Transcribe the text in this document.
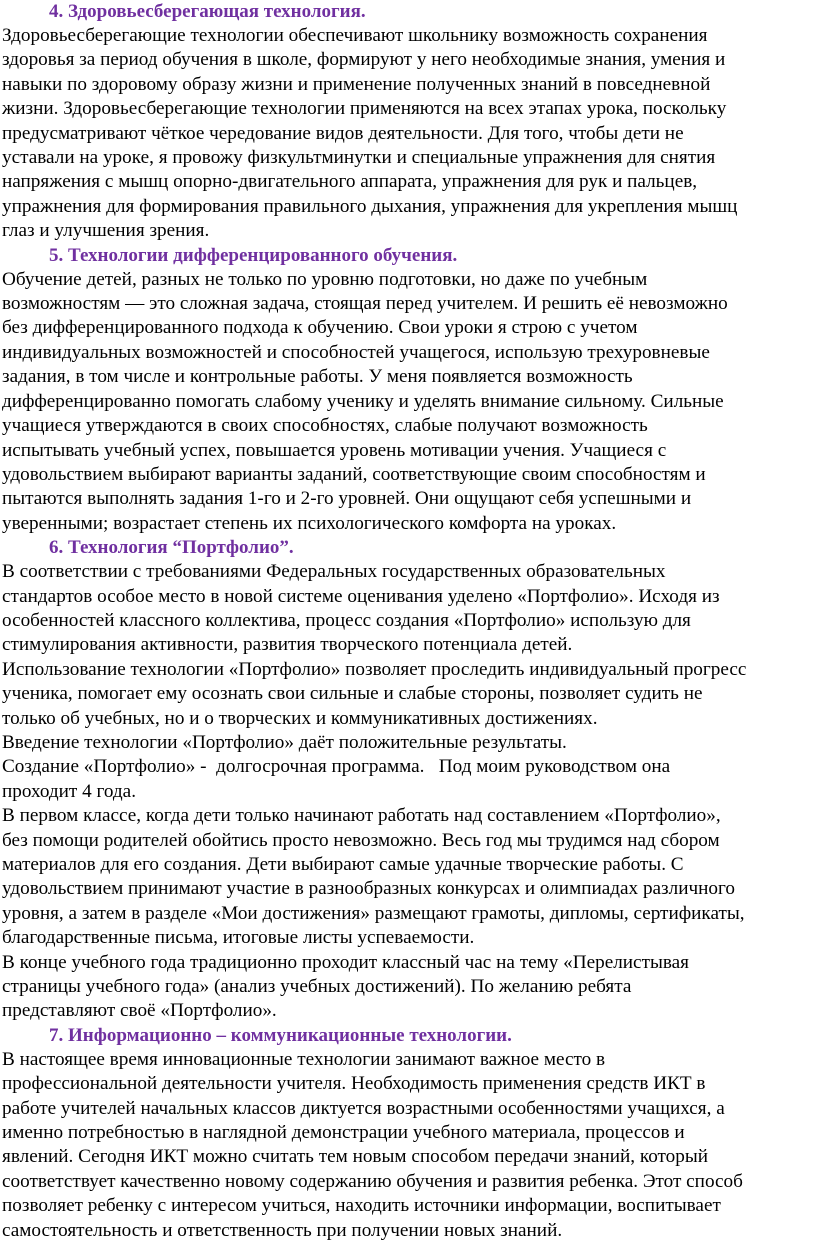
4. Здоровьесберегающая технология.

Здоровьесберегающие технологии обеспечивают школьнику возможность сохранения
здоровья за период обучения в школе, формируют у него необходимые знания, умения и
навыки по здоровому образу жизни и применение полученных знаний в повседневной
жизни. Здоровьесберегающие технологии применяются на всех этапах урока, поскольку
предусматривают чёткое чередование видов деятельности. Для того, чтобы дети не
уставали на уроке, я провожу физкультминутки и специальные упражнения для снятия
напряжения с мышц опорно-двигательного аппарата, упражнения для рук и пальцев,
упражнения для формирования правильного дыхания, упражнения для укрепления мышц
глаз и улучшения зрения.

5. Технологии дифференцированного обучения.

Обучение детей, разных не только по уровню подготовки, но даже по учебным
возможностям — это сложная задача, стоящая перед учителем. И решить её невозможно
без дифференцированного подхода к обучению. Свои уроки я строю с учетом
индивидуальных возможностей и способностей учащегося, использую трехуровневые
задания, в том числе и контрольные работы. У меня появляется возможность
дифференцированно помогать слабому ученику и уделять внимание сильному. Сильные
учащиеся утверждаются в своих способностях, слабые получают возможность
испытывать учебный успех, повышается уровень мотивации учения. Учащиеся с
удовольствием выбирают варианты заданий, соответствующие своим способностям и
пытаются выполнять задания 1-го и 2-го уровней. Они ощущают себя успешными и
уверенными; возрастает степень их психологического комфорта на уроках.

6. Технология “Портфолио”.

В соответствии с требованиями Федеральных государственных образовательных
стандартов особое место в новой системе оценивания уделено «Портфолио». Исходя из
особенностей классного коллектива, процесс создания «Портфолио» использую для
стимулирования активности, развития творческого потенциала детей.

Использование технологии «Портфолио» позволяет проследить индивидуальный прогресс
ученика, помогает ему осознать свои сильные и слабые стороны, позволяет судить не
только об учебных, но и о творческих и коммуникативных достижениях.

Введение технологии «Портфолио» даёт положительные результаты.

Создание «Портфолио» -  долгосрочная программа.   Под моим руководством она
проходит 4 года.

В первом классе, когда дети только начинают работать над составлением «Портфолио»,
без помощи родителей обойтись просто невозможно. Весь год мы трудимся над сбором
материалов для его создания. Дети выбирают самые удачные творческие работы. С
удовольствием принимают участие в разнообразных конкурсах и олимпиадах различного
уровня, а затем в разделе «Мои достижения» размещают грамоты, дипломы, сертификаты,
благодарственные письма, итоговые листы успеваемости.

В конце учебного года традиционно проходит классный час на тему «Перелистывая
страницы учебного года» (анализ учебных достижений). По желанию ребята
представляют своё «Портфолио».

7. Информационно – коммуникационные технологии.

В настоящее время инновационные технологии занимают важное место в
профессиональной деятельности учителя. Необходимость применения средств ИКТ в
работе учителей начальных классов диктуется возрастными особенностями учащихся, а
именно потребностью в наглядной демонстрации учебного материала, процессов и
явлений. Сегодня ИКТ можно считать тем новым способом передачи знаний, который
соответствует качественно новому содержанию обучения и развития ребенка. Этот способ
позволяет ребенку с интересом учиться, находить источники информации, воспитывает
самостоятельность и ответственность при получении новых знаний.
